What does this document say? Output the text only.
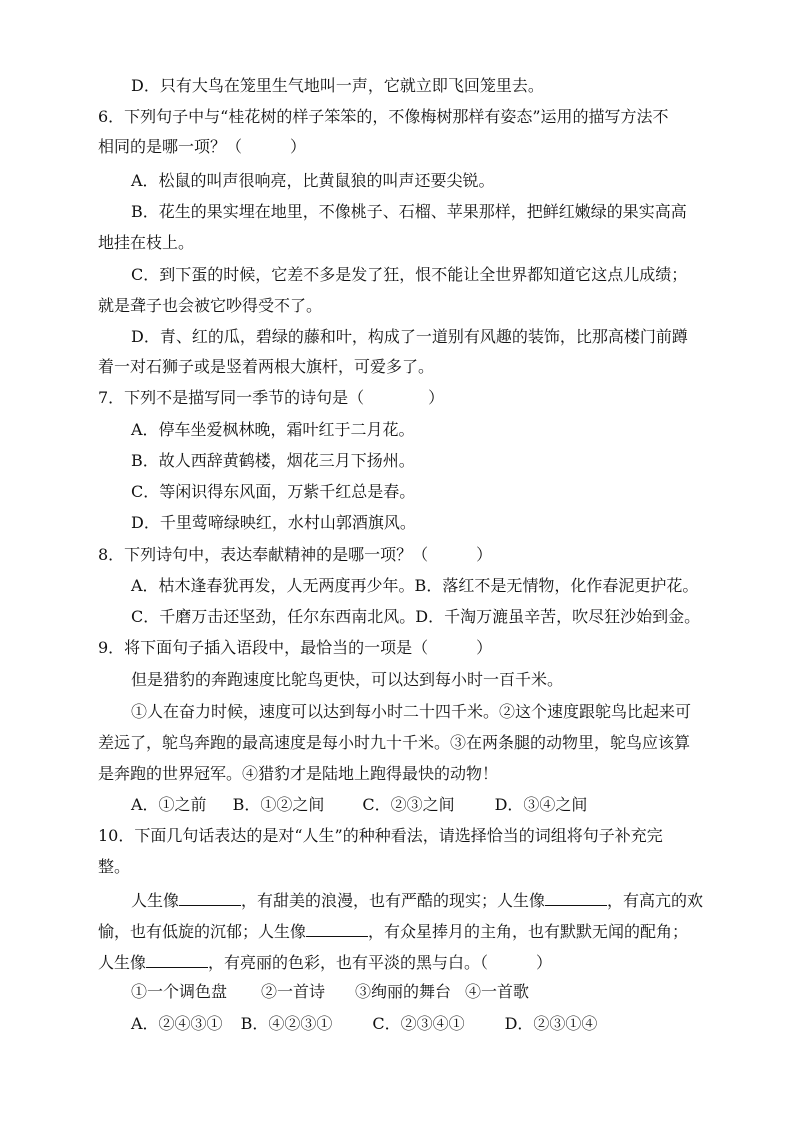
D．只有大鸟在笼里生气地叫一声，它就立即飞回笼里去。
6．下列句子中与“桂花树的样子笨笨的，不像梅树那样有姿态”运用的描写方法不
相同的是哪一项？（　　　）
A．松鼠的叫声很响亮，比黄鼠狼的叫声还要尖锐。
B．花生的果实埋在地里，不像桃子、石榴、苹果那样，把鲜红嫩绿的果实高高
地挂在枝上。
C．到下蛋的时候，它差不多是发了狂，恨不能让全世界都知道它这点儿成绩；
就是聋子也会被它吵得受不了。
D．青、红的瓜，碧绿的藤和叶，构成了一道别有风趣的装饰，比那高楼门前蹲
着一对石狮子或是竖着两根大旗杆，可爱多了。
7．下列不是描写同一季节的诗句是（　　　　）
A．停车坐爱枫林晚，霜叶红于二月花。
B．故人西辞黄鹤楼，烟花三月下扬州。
C．等闲识得东风面，万紫千红总是春。
D．千里莺啼绿映红，水村山郭酒旗风。
8．下列诗句中，表达奉献精神的是哪一项？（　　　）
A．枯木逢春犹再发，人无两度再少年。B．落红不是无情物，化作春泥更护花。
C．千磨万击还坚劲，任尔东西南北风。D．千淘万漉虽辛苦，吹尽狂沙始到金。
9．将下面句子插入语段中，最恰当的一项是（　　　）
但是猎豹的奔跑速度比鸵鸟更快，可以达到每小时一百千米。
①人在奋力时候，速度可以达到每小时二十四千米。②这个速度跟鸵鸟比起来可
差远了，鸵鸟奔跑的最高速度是每小时九十千米。③在两条腿的动物里，鸵鸟应该算
是奔跑的世界冠军。④猎豹才是陆地上跑得最快的动物！
A．①之前 B．①②之间 C．②③之间	D．③④之间
10．下面几句话表达的是对“人生”的种种看法，请选择恰当的词组将句子补充完
整。
人生像	，有甜美的浪漫，也有严酷的现实；人生像	，有高亢的欢
愉，也有低旋的沉郁；人生像	，有众星捧月的主角，也有默默无闻的配角；
人生像	，有亮丽的色彩，也有平淡的黑与白。（　　　）
①一个调色盘 ②一首诗 ③绚丽的舞台 ④一首歌
A．②④③① B．④②③①	C．②③④①	D．②③①④
